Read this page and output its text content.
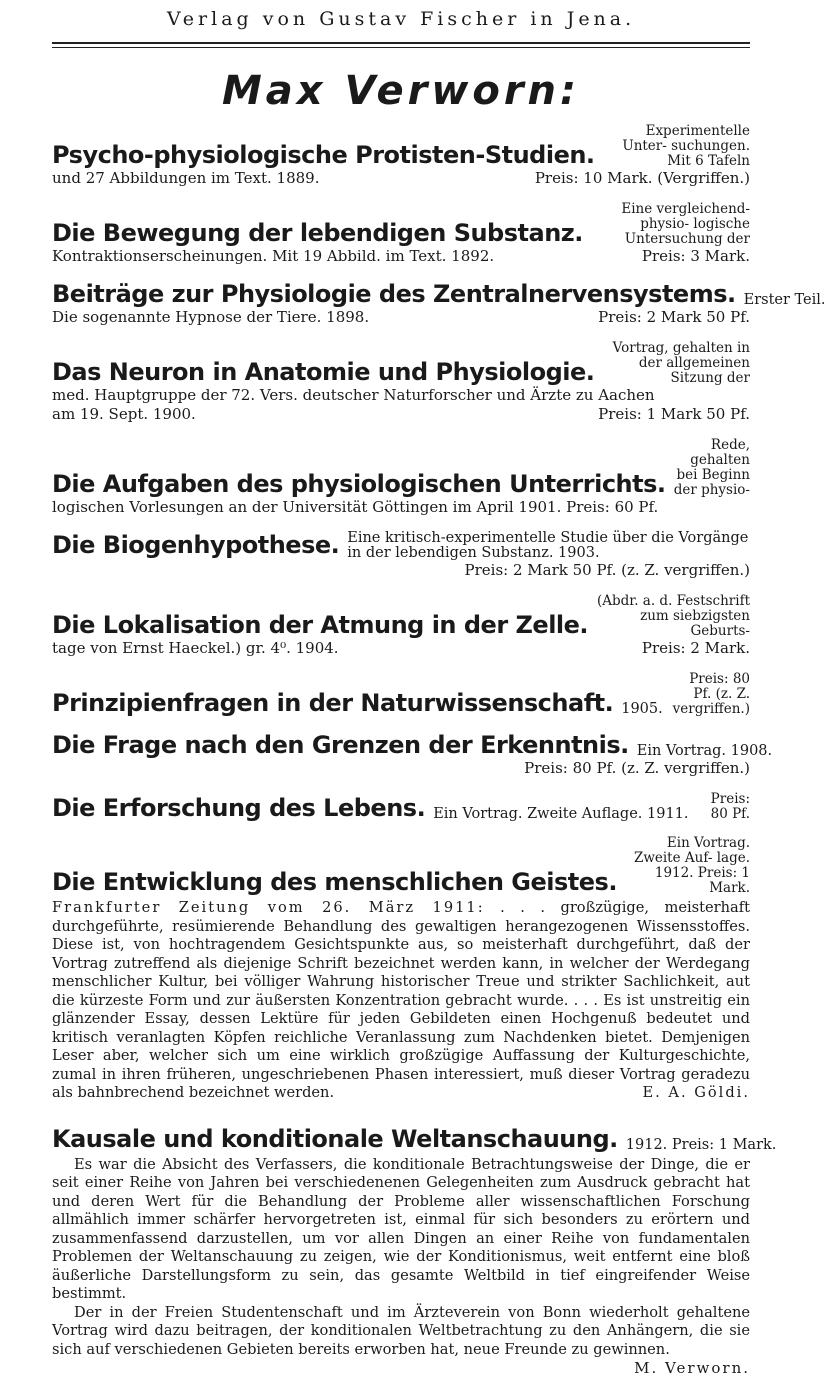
Verlag von Gustav Fischer in Jena.
Max Verworn:
Psycho-physiologische Protisten-Studien.
Experimentelle Unter- suchungen. Mit 6 Tafeln
und 27 Abbildungen im Text. 1889.	Preis: 10 Mark. (Vergriffen.)
Die Bewegung der lebendigen Substanz.
Eine vergleichend-physio- logische Untersuchung der
Kontraktionserscheinungen. Mit 19 Abbild. im Text. 1892.	Preis: 3 Mark.
Beiträge zur Physiologie des Zentralnervensystems. Erster Teil.
Die sogenannte Hypnose der Tiere. 1898.	Preis: 2 Mark 50 Pf.
Das Neuron in Anatomie und Physiologie.
Vortrag, gehalten in der allgemeinen Sitzung der
med. Hauptgruppe der 72. Vers. deutscher Naturforscher und Ärzte zu Aachen
am 19. Sept. 1900.	Preis: 1 Mark 50 Pf.
Die Aufgaben des physiologischen Unterrichts.
Rede, gehalten bei Beginn der physio-
logischen Vorlesungen an der Universität Göttingen im April 1901. Preis: 60 Pf.
Die Biogenhypothese. Eine kritisch-experimentelle Studie über die Vorgänge in der lebendigen Substanz. 1903.
Preis: 2 Mark 50 Pf. (z. Z. vergriffen.)
Die Lokalisation der Atmung in der Zelle.
(Abdr. a. d. Festschrift zum siebzigsten Geburts-
tage von Ernst Haeckel.) gr. 4⁰. 1904.	Preis: 2 Mark.
Prinzipienfragen in der Naturwissenschaft. 1905.
Preis: 80 Pf. (z. Z. vergriffen.)
Die Frage nach den Grenzen der Erkenntnis. Ein Vortrag. 1908.
Preis: 80 Pf. (z. Z. vergriffen.)
Die Erforschung des Lebens. Ein Vortrag. Zweite Auflage. 1911.
Preis: 80 Pf.
Die Entwicklung des menschlichen Geistes.
Ein Vortrag. Zweite Auf- lage. 1912. Preis: 1 Mark.
Frankfurter Zeitung vom 26. März 1911: . . . großzügige, meisterhaft durchgeführte, resümierende Behandlung des gewaltigen herangezogenen Wissensstoffes. Diese ist, von hochtragendem Gesichtspunkte aus, so meisterhaft durchgeführt, daß der Vortrag zutreffend als diejenige Schrift bezeichnet werden kann, in welcher der Werdegang menschlicher Kultur, bei völliger Wahrung historischer Treue und strikter Sachlichkeit, aut die kürzeste Form und zur äußersten Konzentration gebracht wurde. . . . Es ist unstreitig ein glänzender Essay, dessen Lektüre für jeden Gebildeten einen Hochgenuß bedeutet und kritisch veranlagten Köpfen reichliche Veranlassung zum Nachdenken bietet. Demjenigen Leser aber, welcher sich um eine wirklich großzügige Auffassung der Kulturgeschichte, zumal in ihren früheren, ungeschriebenen Phasen interessiert, muß dieser Vortrag geradezu als bahnbrechend bezeichnet werden.	E. A. Göldi.
Kausale und konditionale Weltanschauung. 1912. Preis: 1 Mark.
Es war die Absicht des Verfassers, die konditionale Betrachtungsweise der Dinge, die er seit einer Reihe von Jahren bei verschiedenenen Gelegenheiten zum Ausdruck gebracht hat und deren Wert für die Behandlung der Probleme aller wissenschaftlichen Forschung allmählich immer schärfer hervorgetreten ist, einmal für sich besonders zu erörtern und zusammenfassend darzustellen, um vor allen Dingen an einer Reihe von fundamentalen Problemen der Weltanschauung zu zeigen, wie der Konditionismus, weit entfernt eine bloß äußerliche Darstellungsform zu sein, das gesamte Weltbild in tief eingreifender Weise bestimmt.
Der in der Freien Studentenschaft und im Ärzteverein von Bonn wiederholt gehaltene Vortrag wird dazu beitragen, der konditionalen Weltbetrachtung zu den Anhängern, die sie sich auf verschiedenen Gebieten bereits erworben hat, neue Freunde zu gewinnen.
M. Verworn.
